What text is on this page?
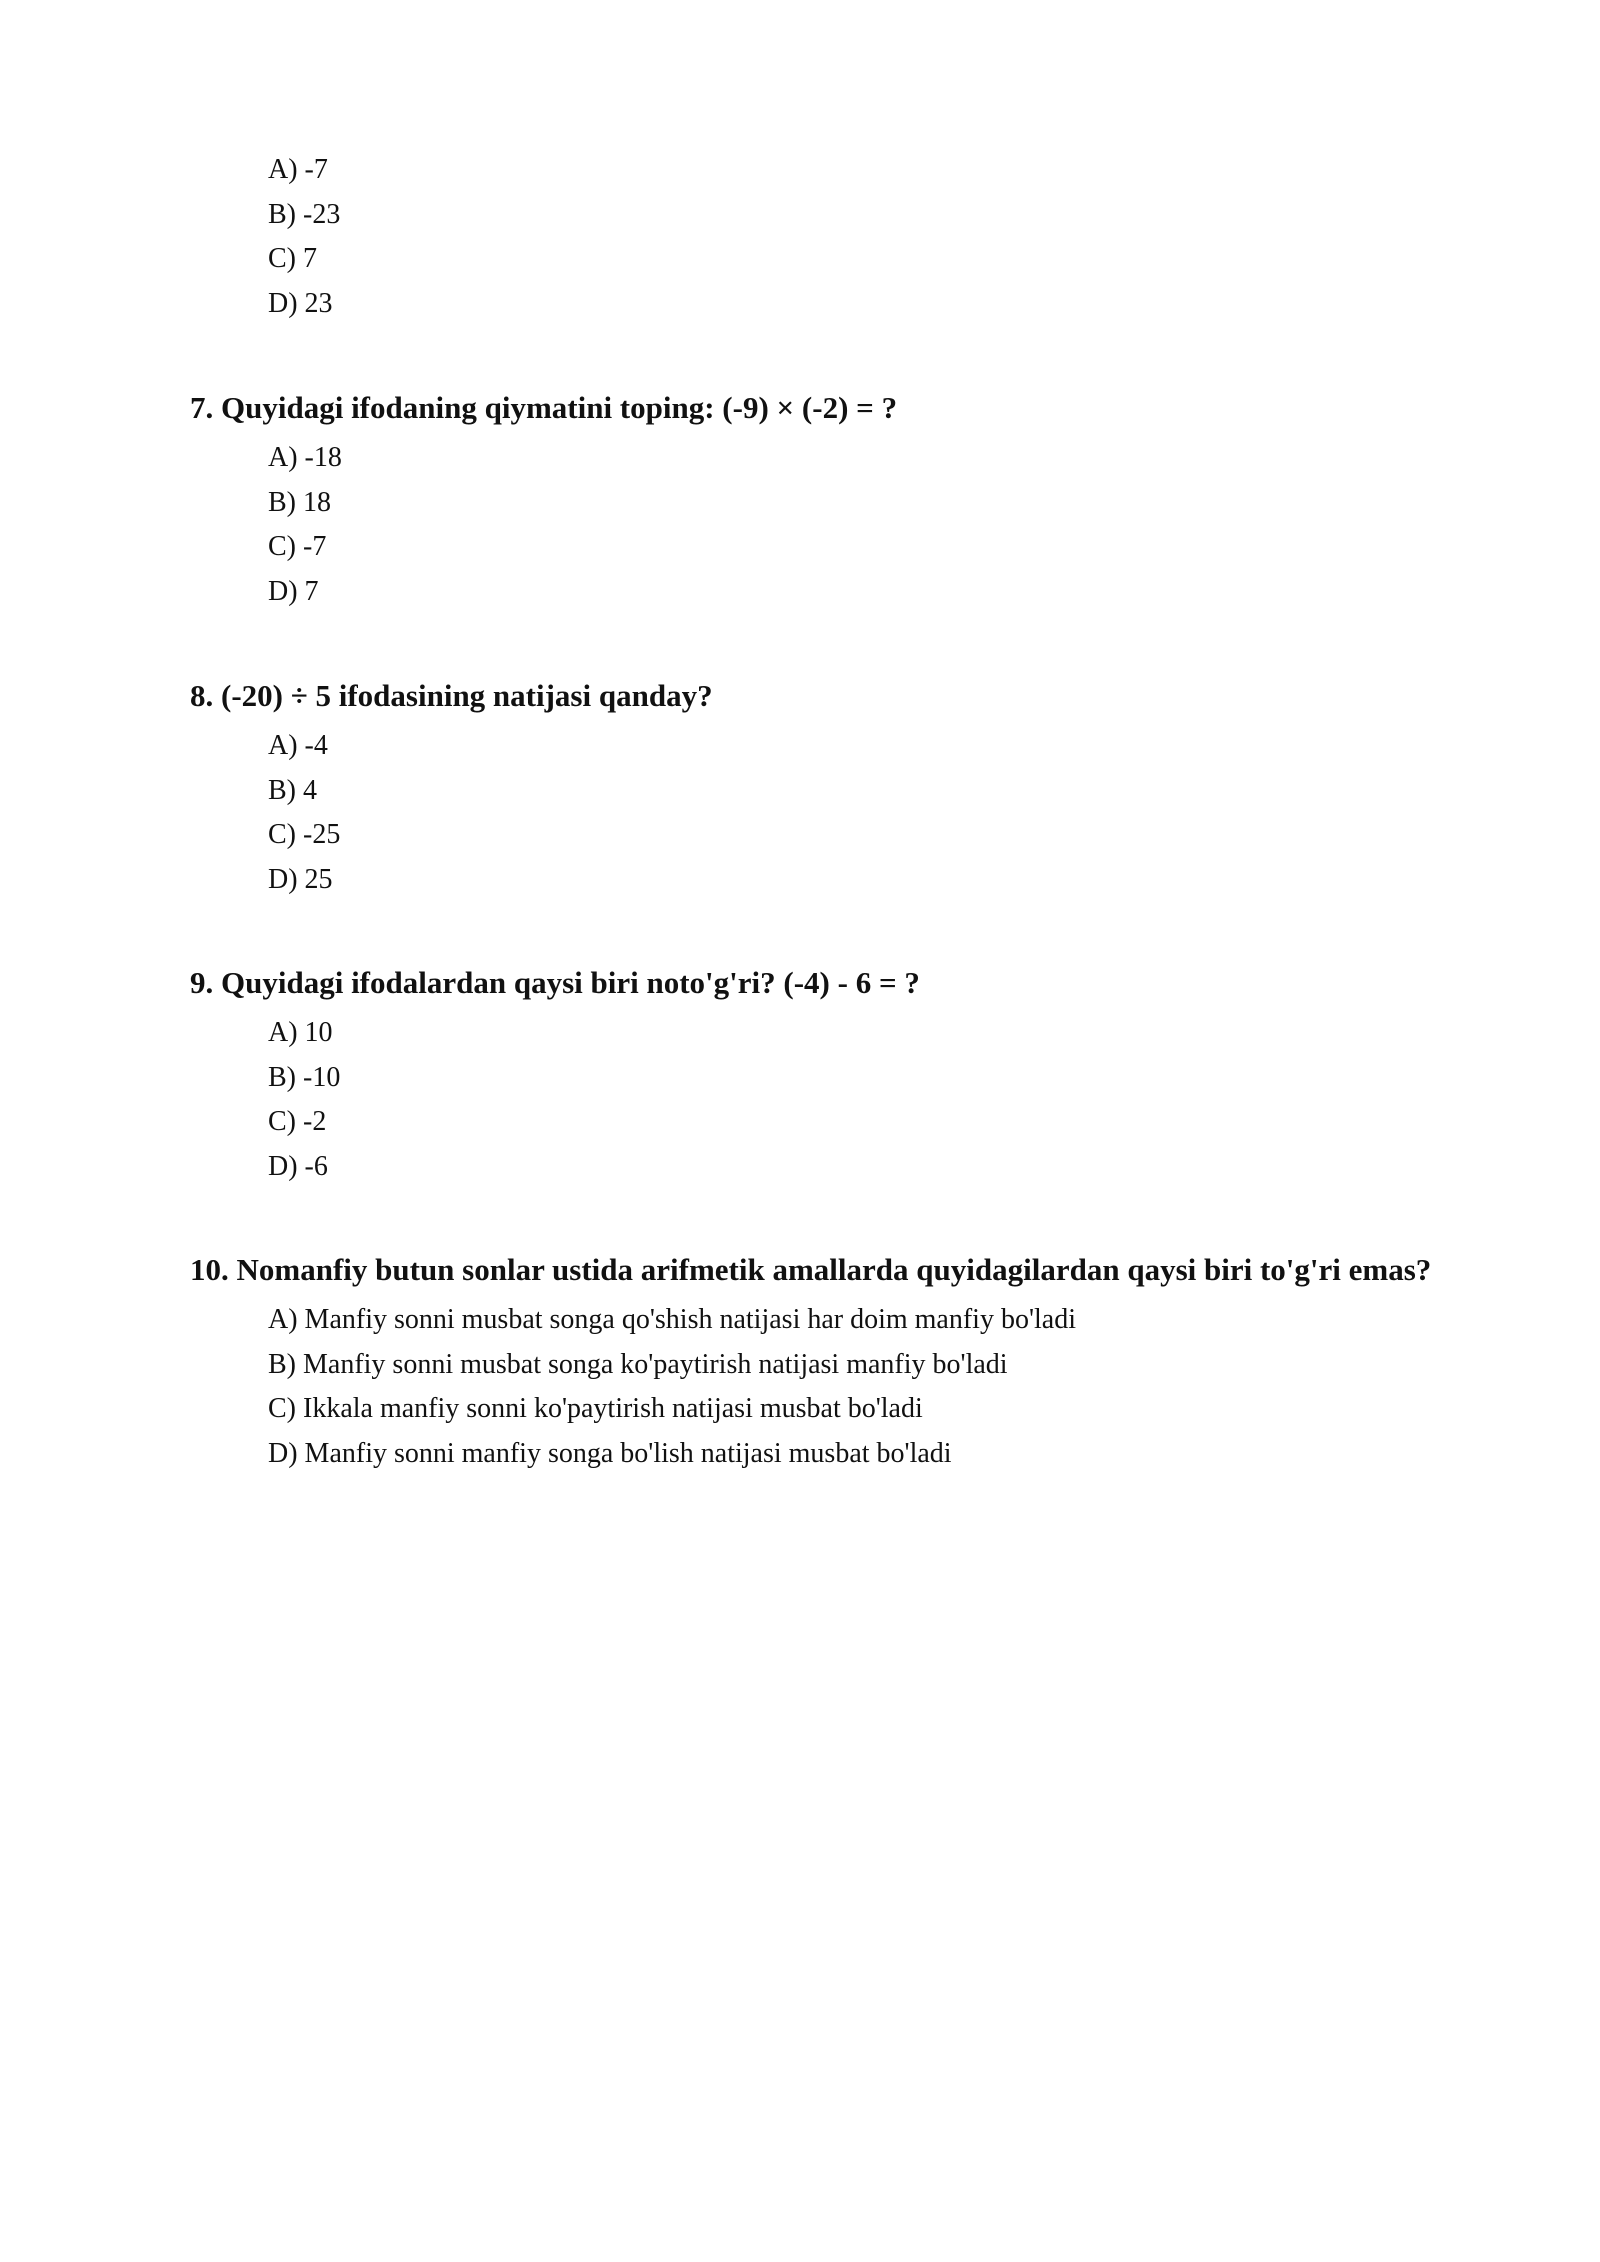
A) -7
B) -23
C) 7
D) 23
7. Quyidagi ifodaning qiymatini toping: (-9) × (-2) = ?
A) -18
B) 18
C) -7
D) 7
8. (-20) ÷ 5 ifodasining natijasi qanday?
A) -4
B) 4
C) -25
D) 25
9. Quyidagi ifodalardan qaysi biri noto'g'ri? (-4) - 6 = ?
A) 10
B) -10
C) -2
D) -6
10. Nomanfiy butun sonlar ustida arifmetik amallarda quyidagilardan qaysi biri to'g'ri emas?
A) Manfiy sonni musbat songa qo'shish natijasi har doim manfiy bo'ladi
B) Manfiy sonni musbat songa ko'paytirish natijasi manfiy bo'ladi
C) Ikkala manfiy sonni ko'paytirish natijasi musbat bo'ladi
D) Manfiy sonni manfiy songa bo'lish natijasi musbat bo'ladi
